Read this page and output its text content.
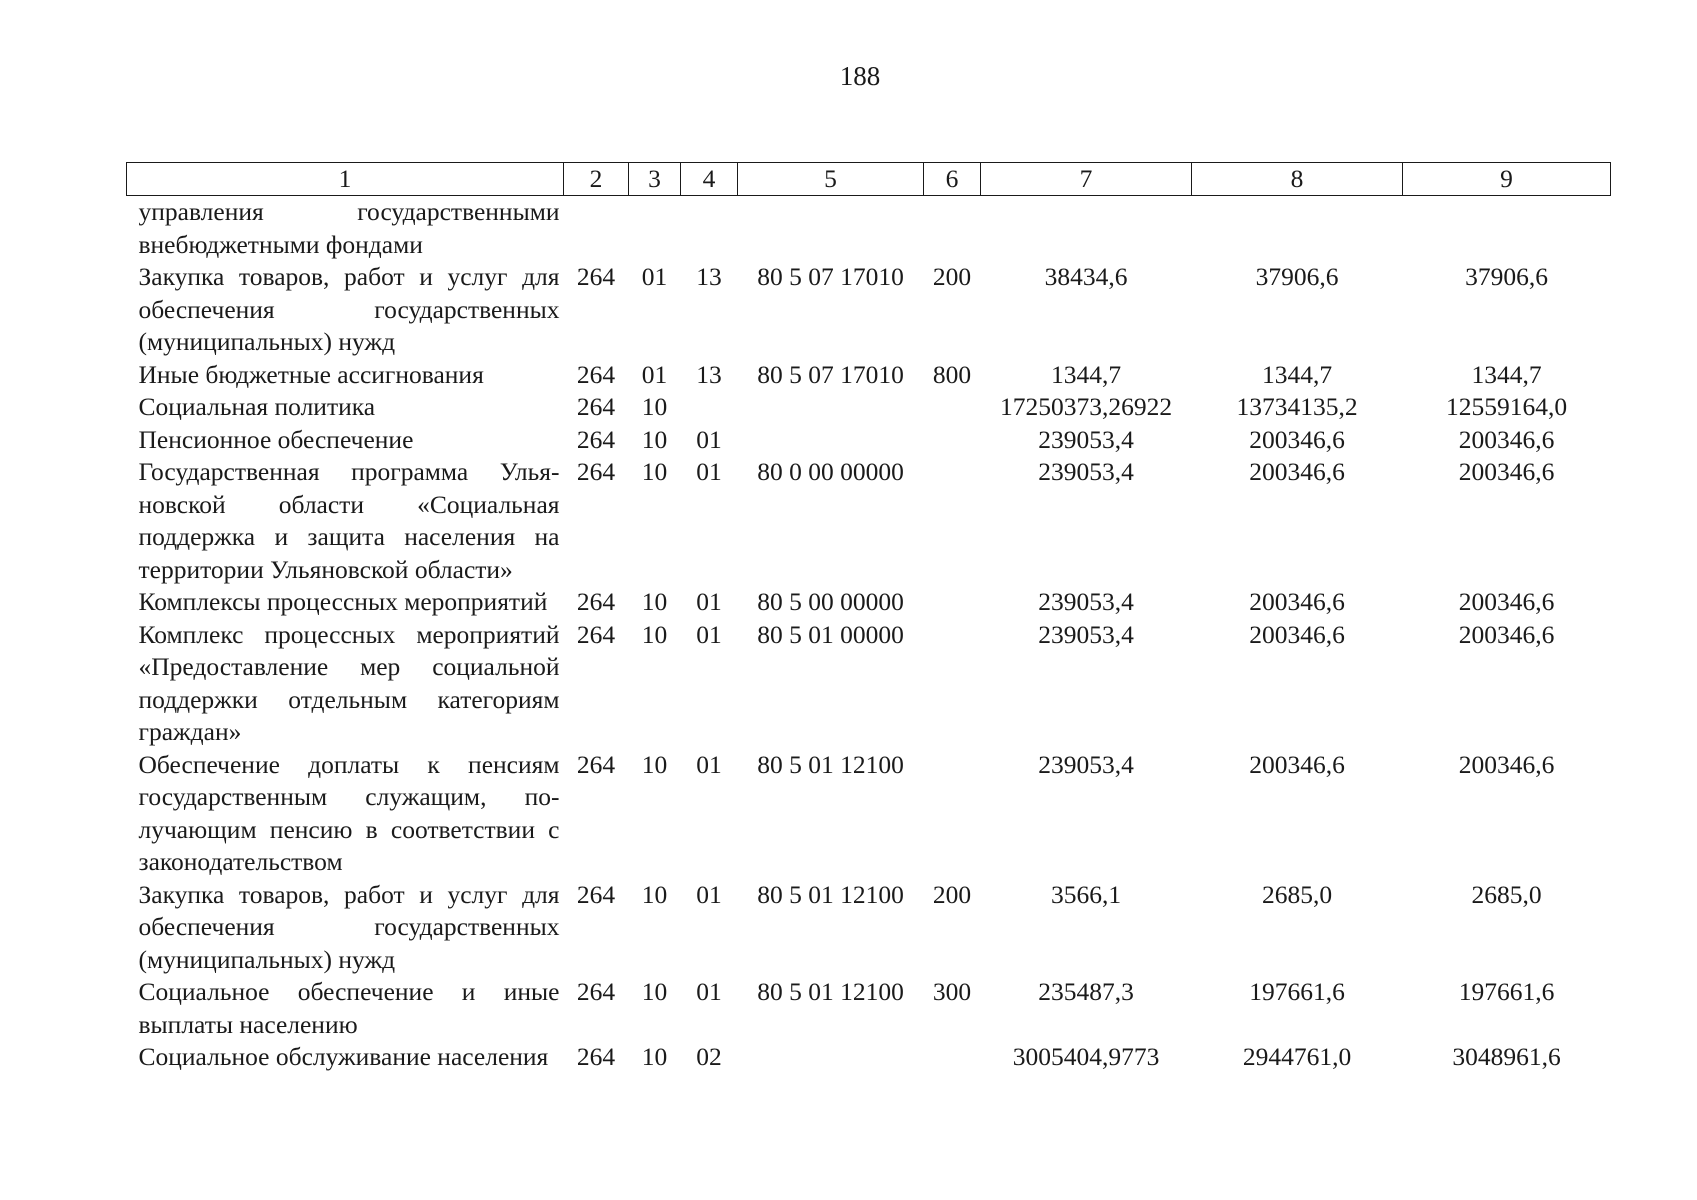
188
1	2	3	4	5	6	7	8	9
управления государственными внебюджетными фондами								
Закупка товаров, работ и услуг для обеспечения государственных (муниципальных) нужд	264	01	13	80 5 07 17010	200	38434,6	37906,6	37906,6
Иные бюджетные ассигнования	264	01	13	80 5 07 17010	800	1344,7	1344,7	1344,7
Социальная политика	264	10				17250373,26922	13734135,2	12559164,0
Пенсионное обеспечение	264	10	01			239053,4	200346,6	200346,6
Государственная программа Ульяновской области «Социальная поддержка и защита населения на территории Ульяновской области»	264	10	01	80 0 00 00000		239053,4	200346,6	200346,6
Комплексы процессных мероприятий	264	10	01	80 5 00 00000		239053,4	200346,6	200346,6
Комплекс процессных мероприятий «Предоставление мер социальной поддержки отдельным категориям граждан»	264	10	01	80 5 01 00000		239053,4	200346,6	200346,6
Обеспечение доплаты к пенсиям государственным служащим, получающим пенсию в соответствии с законодательством	264	10	01	80 5 01 12100		239053,4	200346,6	200346,6
Закупка товаров, работ и услуг для обеспечения государственных (муниципальных) нужд	264	10	01	80 5 01 12100	200	3566,1	2685,0	2685,0
Социальное обеспечение и иные выплаты населению	264	10	01	80 5 01 12100	300	235487,3	197661,6	197661,6
Социальное обслуживание населения	264	10	02			3005404,9773	2944761,0	3048961,6
